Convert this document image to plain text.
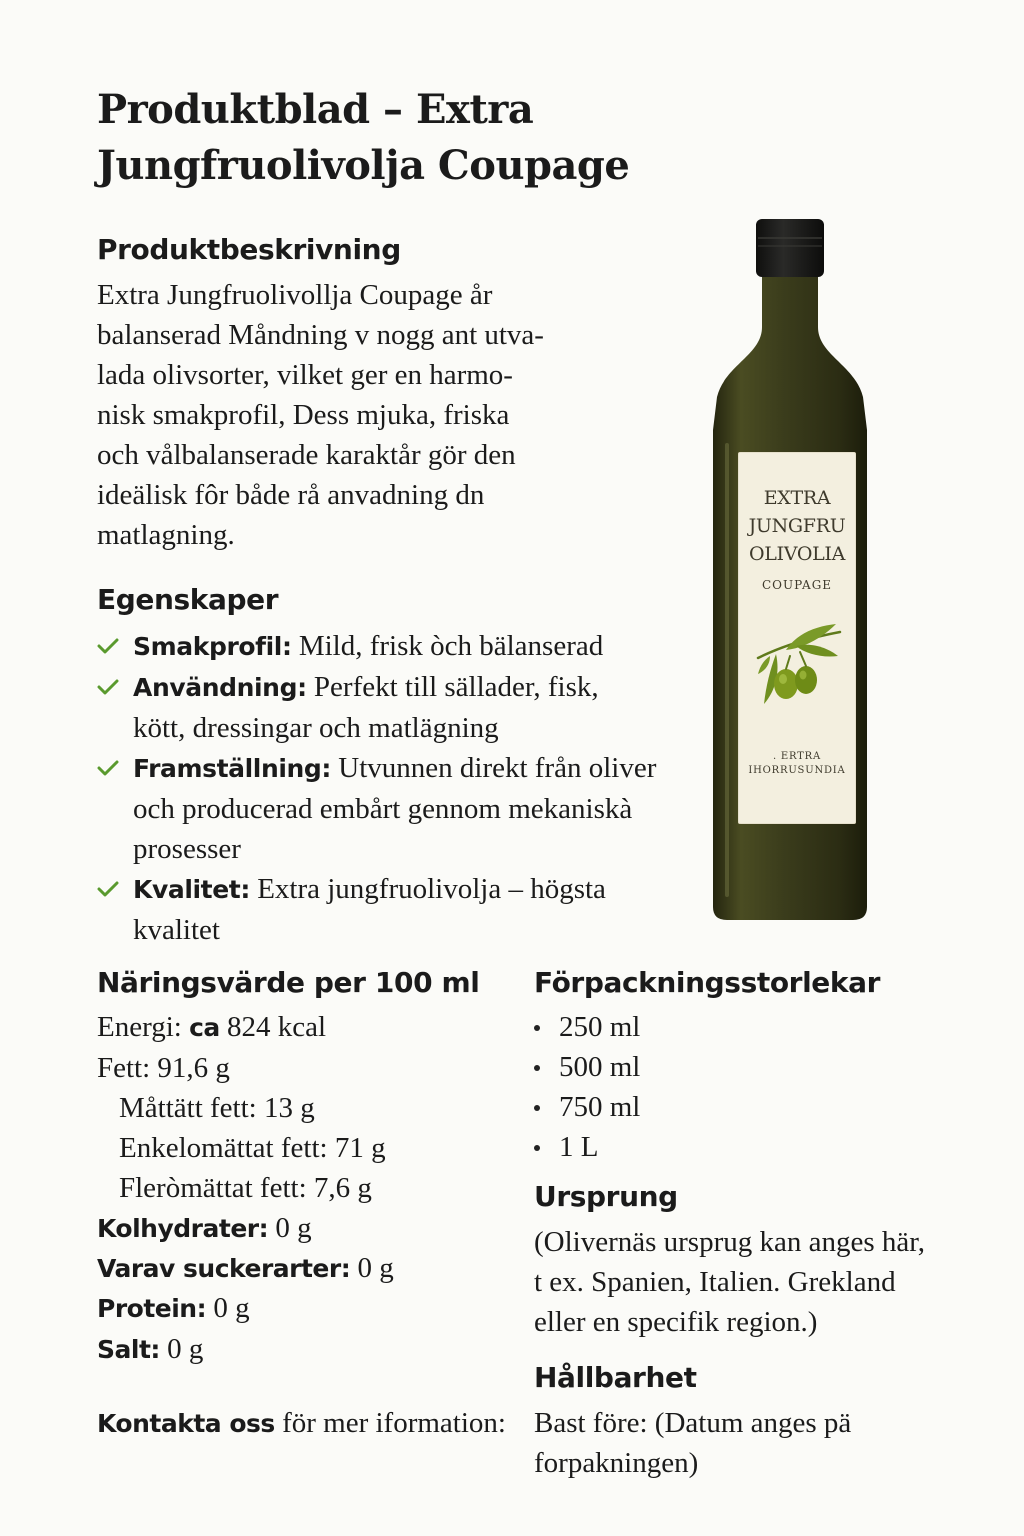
Produktblad – Extra Jungfruolivolja Coupage
Produktbeskrivning
Extra Jungfruolivollja Coupage år
balanserad Måndning v nogg ant utva-
lada olivsorter, vilket ger en harmo-
nisk smakprofil, Dess mjuka, friska
och vålbalanserade karaktår gör den
ideälisk fôr både rå anvadning dn
matlagning.
Egenskaper
Smakprofil: Mild, frisk òch bälanserad
Användning: Perfekt till sällader, fisk, kött, dressingar och matlägning
Framställning: Utvunnen direkt från oliver och producerad embårt gennom mekaniskà prosesser
Kvalitet: Extra jungfruolivolja – högsta kvalitet
EXTRA
JUNGFRU
OLIVOLIA
COUPAGE
. ERTRA
IHORRUSUNDIA
Näringsvärde per 100 ml
Energi: ca 824 kcal
Fett: 91,6 g
Måttätt fett: 13 g
Enkelomättat fett: 71 g
Fleròmättat fett: 7,6 g
Kolhydrater: 0 g
Varav suckerarter: 0 g
Protein: 0 g
Salt: 0 g
Kontakta oss för mer iformation:
Förpackningsstorlekar
250 ml
500 ml
750 ml
1 L
Ursprung
(Olivernäs ursprug kan anges här,
t ex. Spanien, Italien. Grekland
eller en specifik region.)
Hållbarhet
Bast före: (Datum anges pä
forpakningen)
